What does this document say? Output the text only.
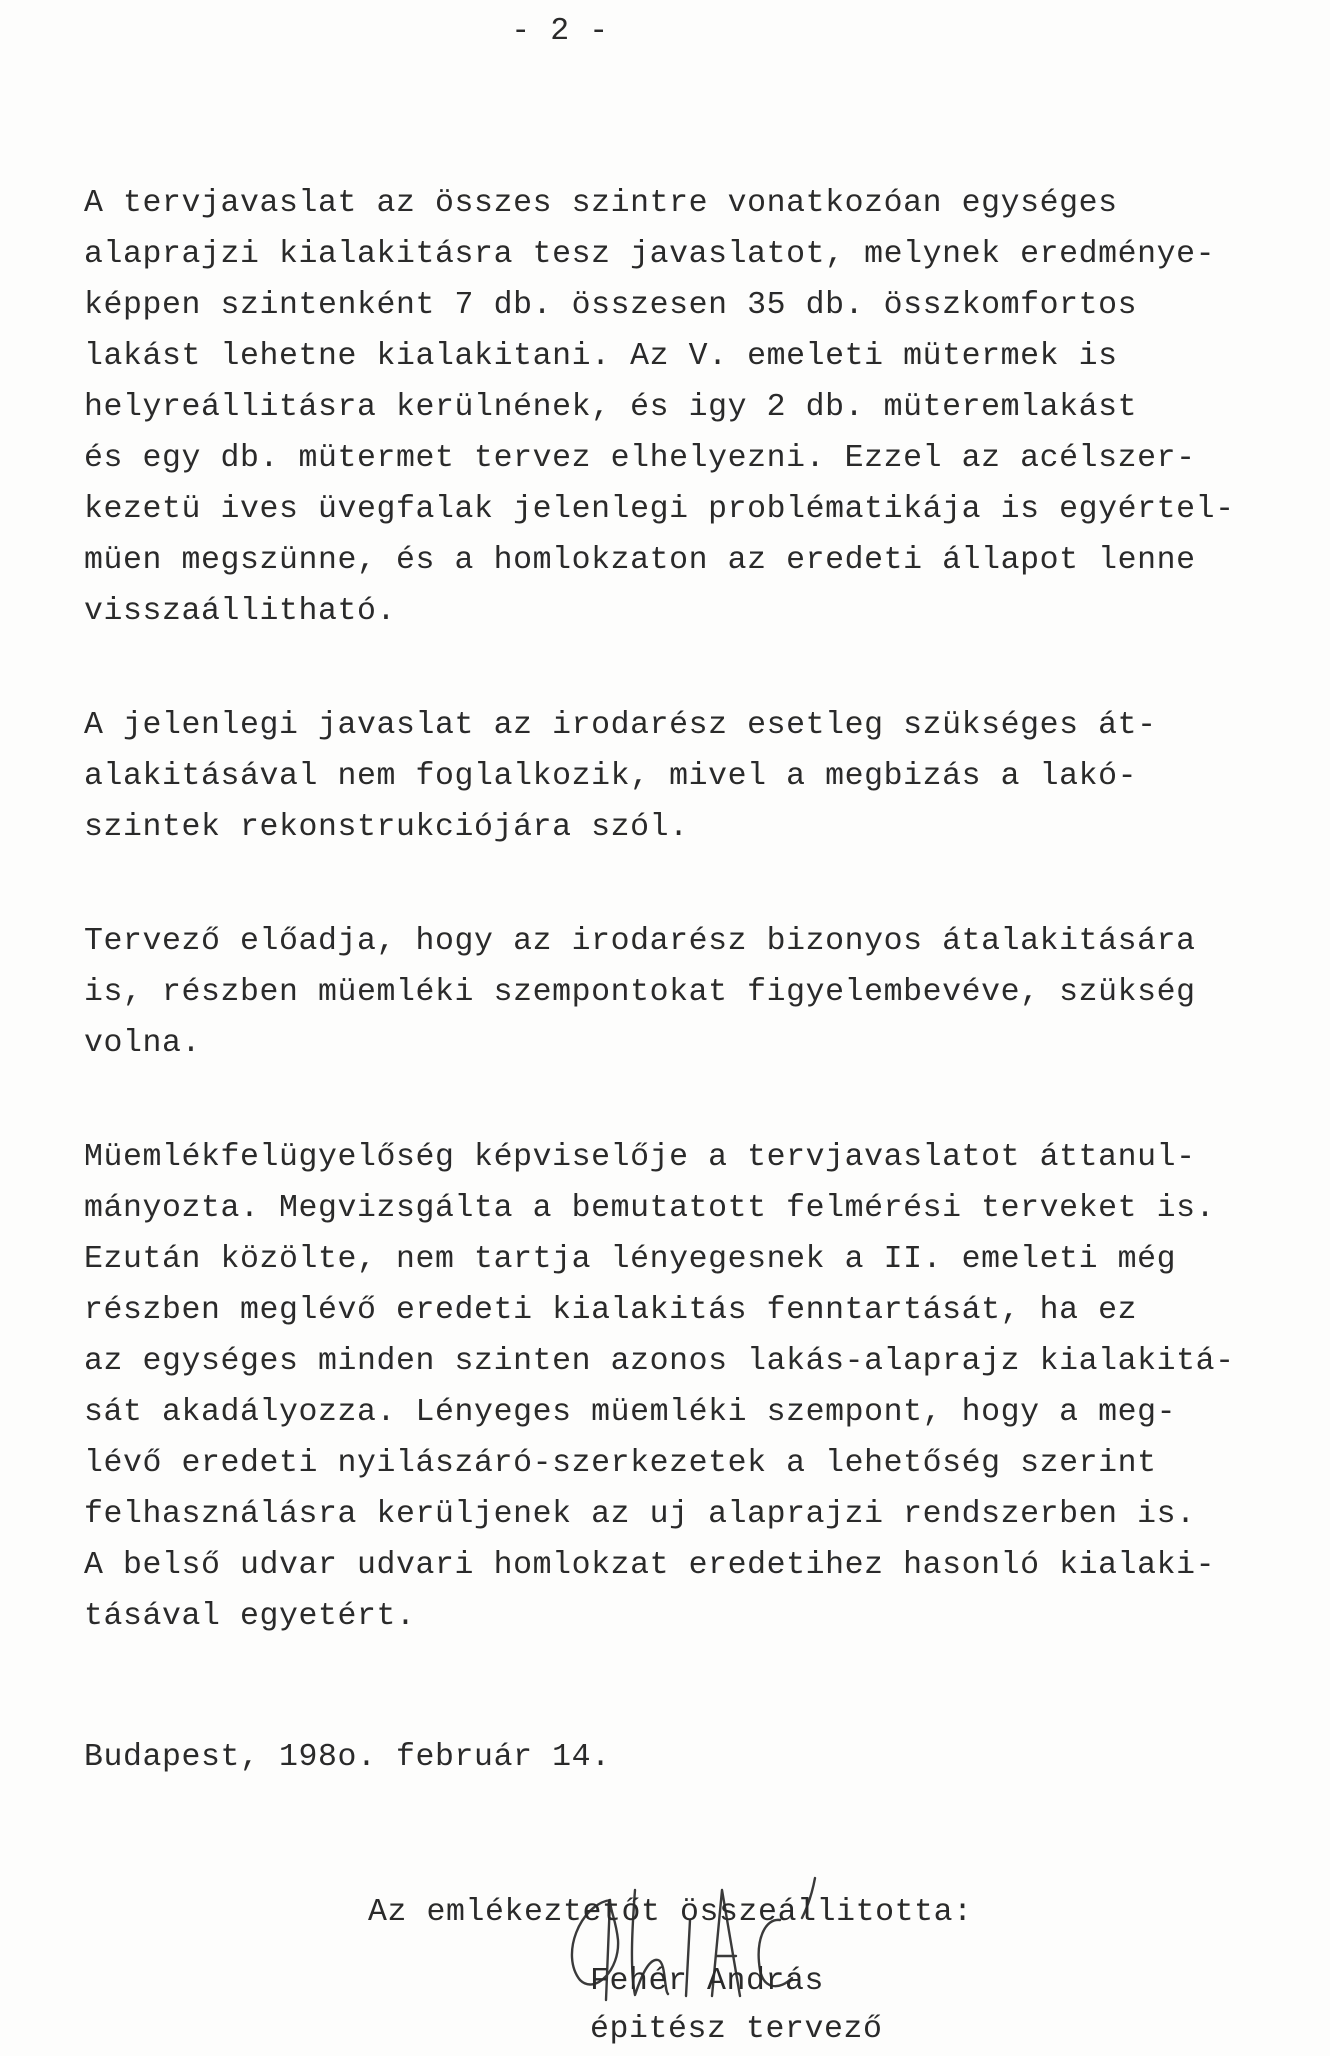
- 2 -
A tervjavaslat az összes szintre vonatkozóan egységes
alaprajzi kialakitásra tesz javaslatot, melynek eredménye-
képpen szintenként 7 db. összesen 35 db. összkomfortos
lakást lehetne kialakitani. Az V. emeleti mütermek is
helyreállitásra kerülnének, és igy 2 db. müteremlakást
és egy db. mütermet tervez elhelyezni. Ezzel az acélszer-
kezetü ives üvegfalak jelenlegi problématikája is egyértel-
müen megszünne, és a homlokzaton az eredeti állapot lenne
visszaállitható.
A jelenlegi javaslat az irodarész esetleg szükséges át-
alakitásával nem foglalkozik, mivel a megbizás a lakó-
szintek rekonstrukciójára szól.
Tervező előadja, hogy az irodarész bizonyos átalakitására
is, részben müemléki szempontokat figyelembevéve, szükség
volna.
Müemlékfelügyelőség képviselője a tervjavaslatot áttanul-
mányozta. Megvizsgálta a bemutatott felmérési terveket is.
Ezután közölte, nem tartja lényegesnek a II. emeleti még
részben meglévő eredeti kialakitás fenntartását, ha ez
az egységes minden szinten azonos lakás-alaprajz kialakitá-
sát akadályozza. Lényeges müemléki szempont, hogy a meg-
lévő eredeti nyilászáró-szerkezetek a lehetőség szerint
felhasználásra kerüljenek az uj alaprajzi rendszerben is.
A belső udvar udvari homlokzat eredetihez hasonló kialaki-
tásával egyetért.
Budapest, 198o. február 14.
Az emlékeztetőt összeállitotta:
Fehér András
épitész tervező
